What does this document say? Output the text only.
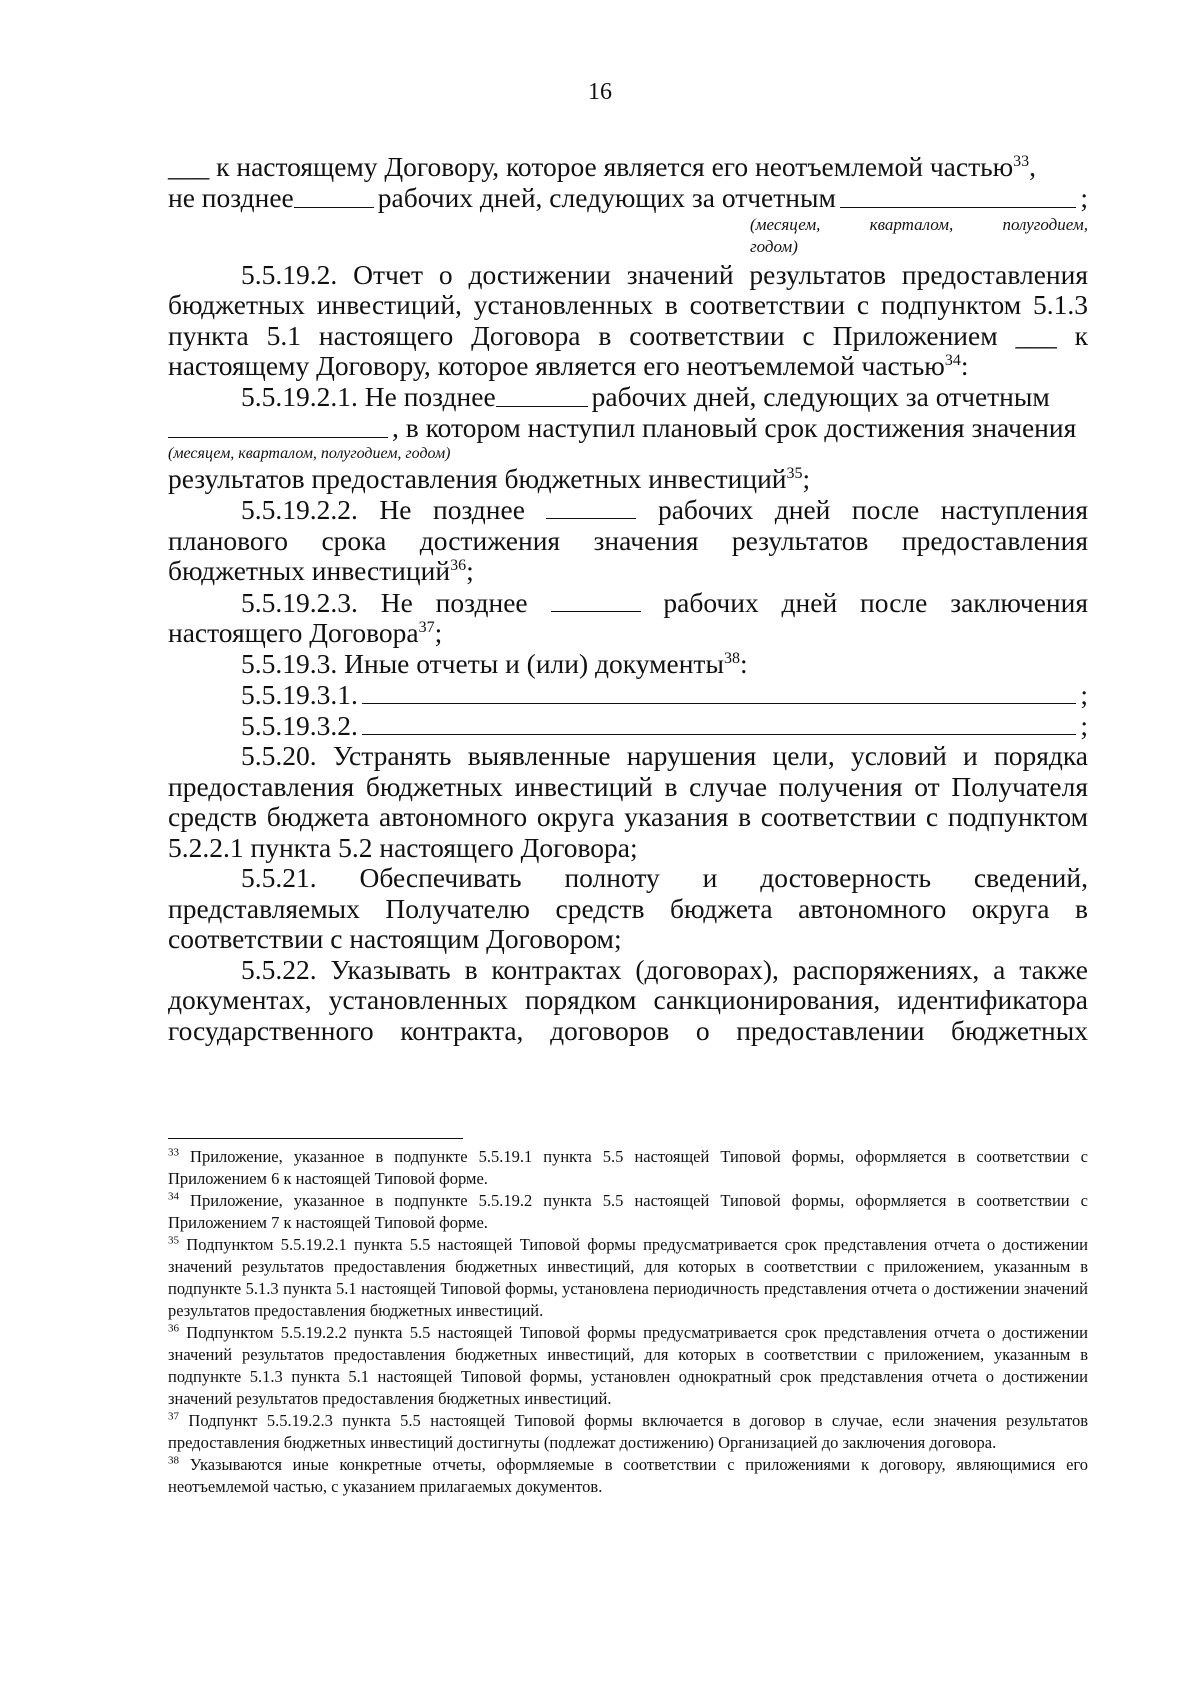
16

___ к настоящему Договору, которое является его неотъемлемой частью$^{33}$,

не позднее	рабочих дней, следующих за отчетным	;
(месяцем, кварталом, полугодием,
годом)

5.5.19.2. Отчет о достижении значений результатов предоставления бюджетных инвестиций, установленных в соответствии с подпунктом 5.1.3 пункта 5.1 настоящего Договора в соответствии с Приложением ___ к настоящему Договору, которое является его неотъемлемой частью$^{34}$:

5.5.19.2.1. Не позднее	рабочих дней, следующих за отчетным
, в котором наступил плановый срок достижения значения
(месяцем, кварталом, полугодием, годом)

результатов предоставления бюджетных инвестиций$^{35}$;

5.5.19.2.2. Не позднее	рабочих дней после наступления планового срока достижения значения результатов предоставления бюджетных инвестиций$^{36}$;

5.5.19.2.3. Не позднее	рабочих дней после заключения настоящего Договора$^{37}$;

5.5.19.3. Иные отчеты и (или) документы$^{38}$:

5.5.19.3.1.	;
5.5.19.3.2.	;

5.5.20. Устранять выявленные нарушения цели, условий и порядка предоставления бюджетных инвестиций в случае получения от Получателя средств бюджета автономного округа указания в соответствии с подпунктом 5.2.2.1 пункта 5.2 настоящего Договора;

5.5.21. Обеспечивать полноту и достоверность сведений, представляемых Получателю средств бюджета автономного округа в соответствии с настоящим Договором;

5.5.22. Указывать в контрактах (договорах), распоряжениях, а также документах, установленных порядком санкционирования, идентификатора государственного контракта, договоров о предоставлении бюджетных

$^{33}$ Приложение, указанное в подпункте 5.5.19.1 пункта 5.5 настоящей Типовой формы, оформляется в соответствии с Приложением 6 к настоящей Типовой форме.

$^{34}$ Приложение, указанное в подпункте 5.5.19.2 пункта 5.5 настоящей Типовой формы, оформляется в соответствии с Приложением 7 к настоящей Типовой форме.

$^{35}$ Подпунктом 5.5.19.2.1 пункта 5.5 настоящей Типовой формы предусматривается срок представления отчета о достижении значений результатов предоставления бюджетных инвестиций, для которых в соответствии с приложением, указанным в подпункте 5.1.3 пункта 5.1 настоящей Типовой формы, установлена периодичность представления отчета о достижении значений результатов предоставления бюджетных инвестиций.

$^{36}$ Подпунктом 5.5.19.2.2 пункта 5.5 настоящей Типовой формы предусматривается срок представления отчета о достижении значений результатов предоставления бюджетных инвестиций, для которых в соответствии с приложением, указанным в подпункте 5.1.3 пункта 5.1 настоящей Типовой формы, установлен однократный срок представления отчета о достижении значений результатов предоставления бюджетных инвестиций.

$^{37}$ Подпункт 5.5.19.2.3 пункта 5.5 настоящей Типовой формы включается в договор в случае, если значения результатов предоставления бюджетных инвестиций достигнуты (подлежат достижению) Организацией до заключения договора.

$^{38}$ Указываются иные конкретные отчеты, оформляемые в соответствии с приложениями к договору, являющимися его неотъемлемой частью, с указанием прилагаемых документов.
